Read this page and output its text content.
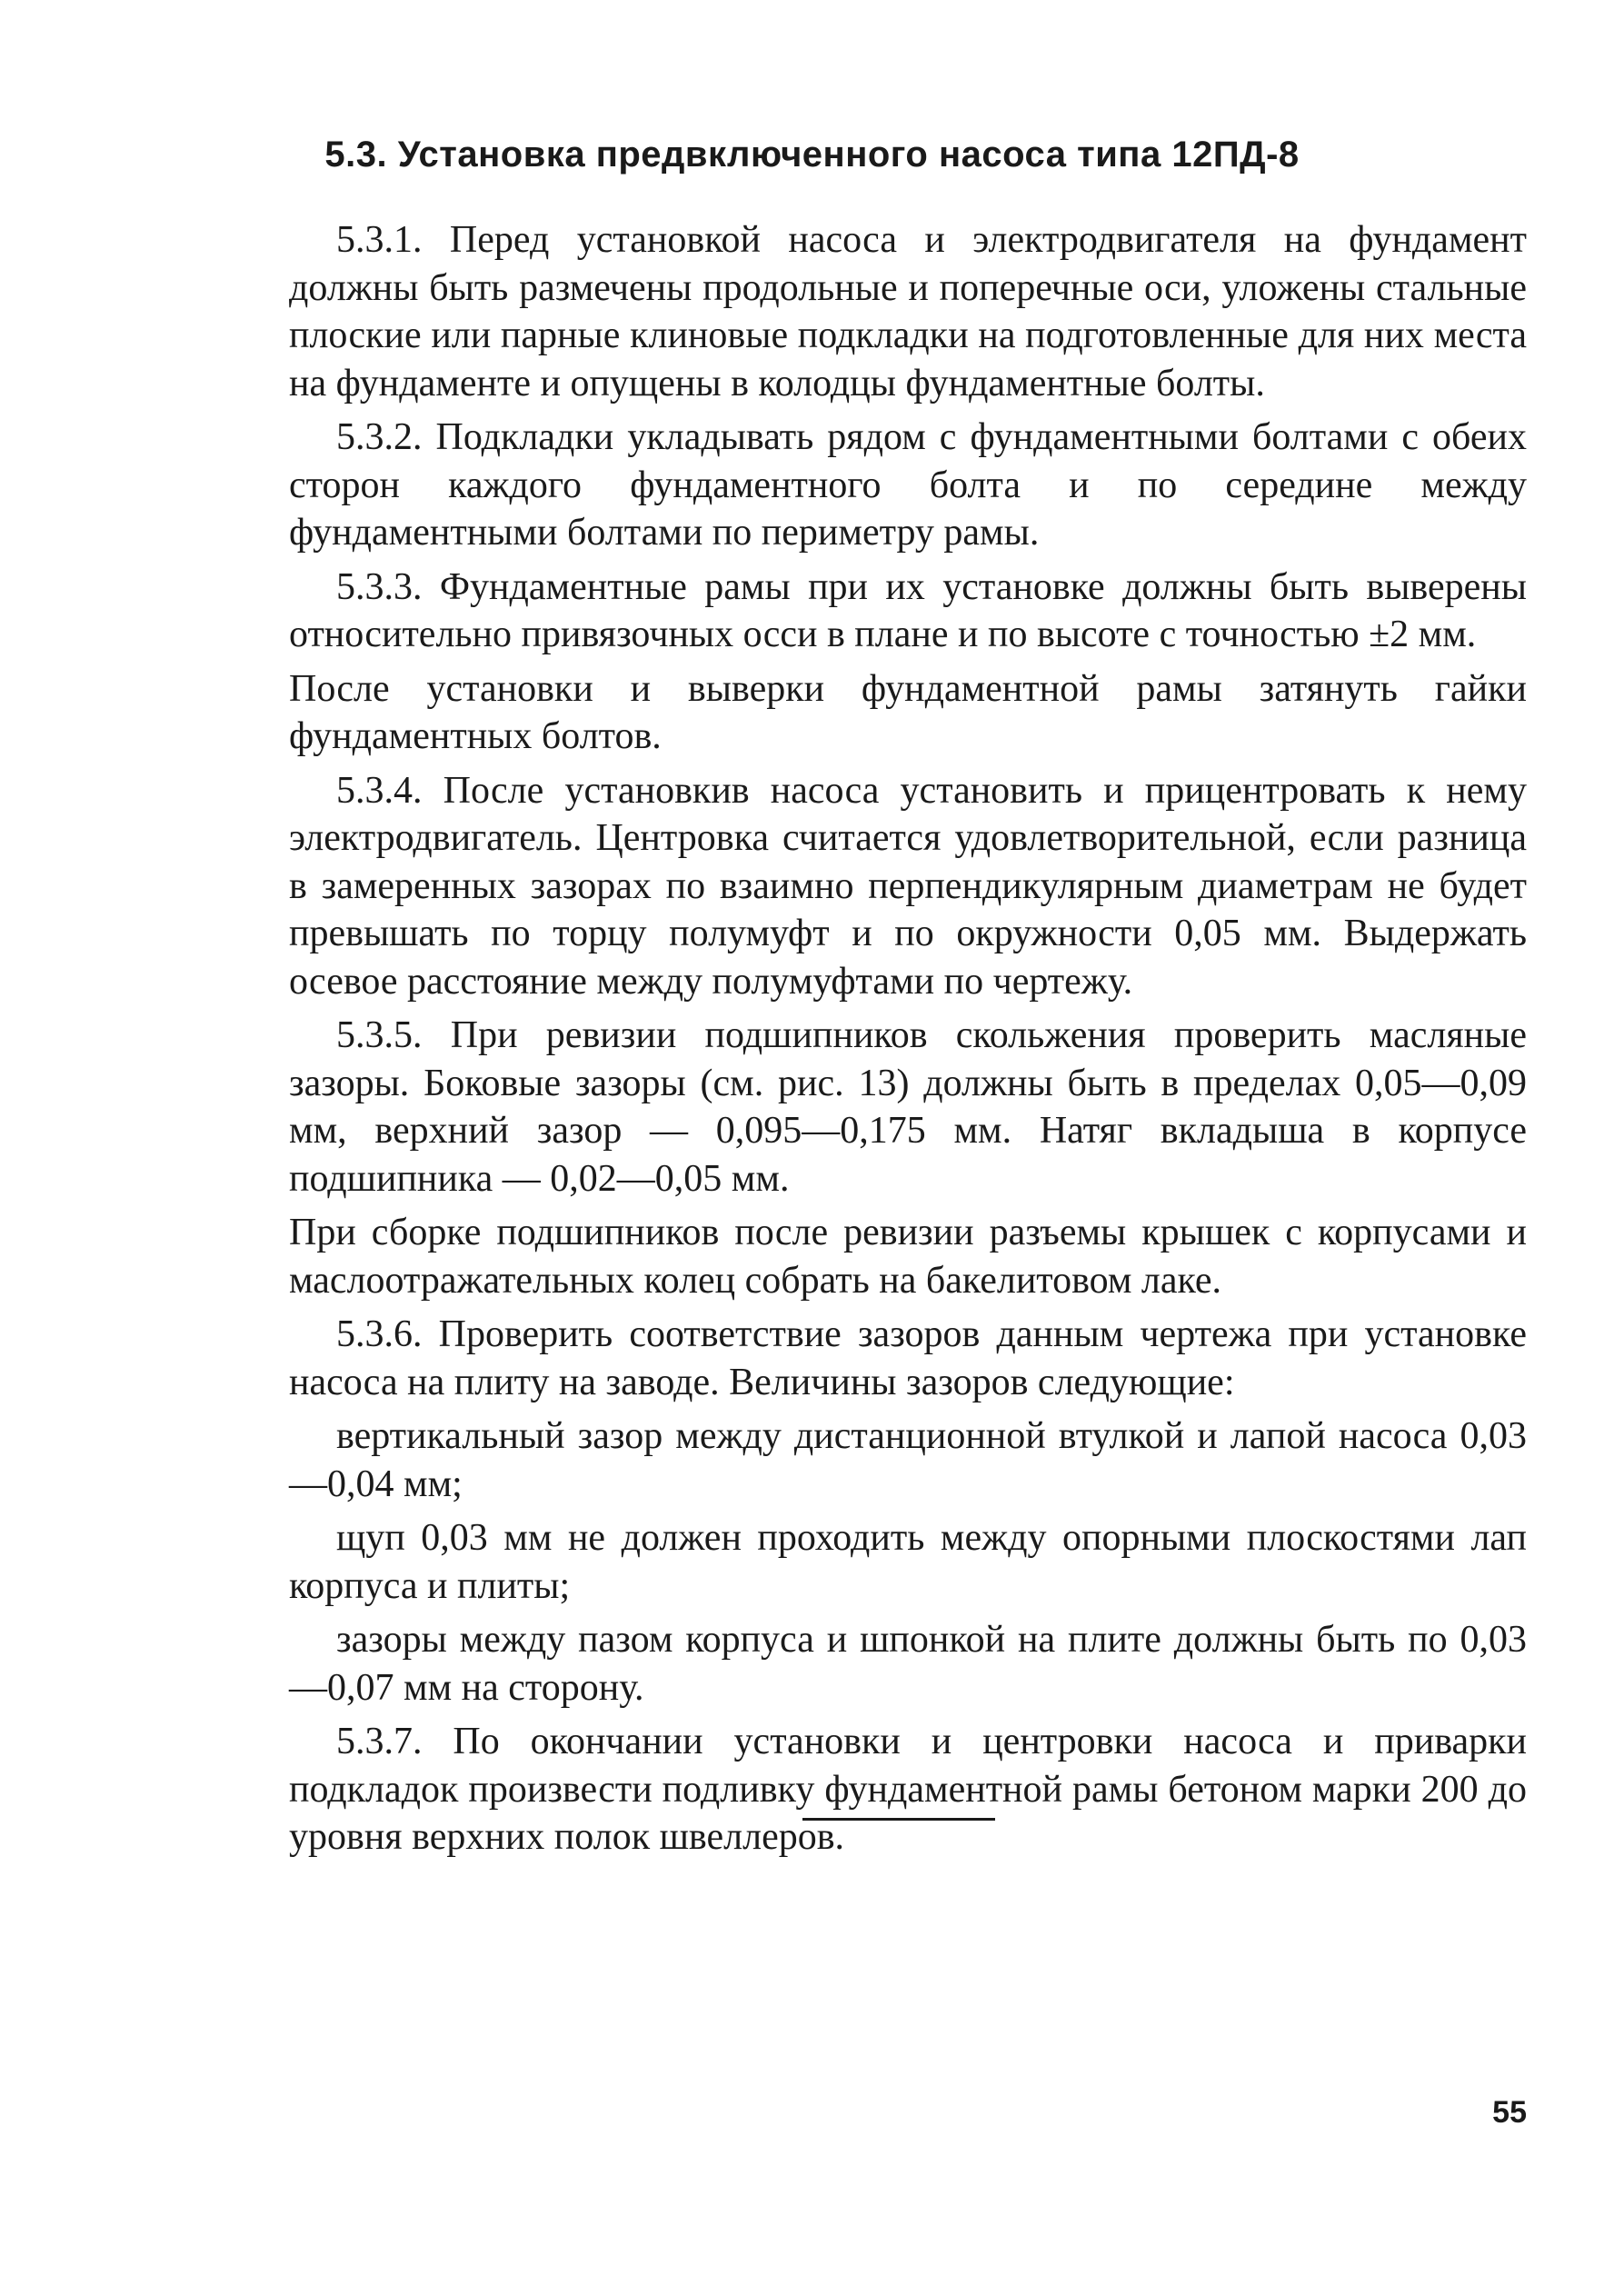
5.3. Установка предвключенного насоса типа 12ПД-8

5.3.1. Перед установкой насоса и электродвигателя на фундамент должны быть размечены продольные и поперечные оси, уложены стальные плоские или парные клиновые подкладки на подготовленные для них места на фундаменте и опущены в колодцы фундаментные болты.

5.3.2. Подкладки укладывать рядом с фундаментными болтами с обеих сторон каждого фундаментного болта и по середине между фундаментными болтами по периметру рамы.

5.3.3. Фундаментные рамы при их установке должны быть выверены относительно привязочных осси в плане и по высоте с точностью ±2 мм.

После установки и выверки фундаментной рамы затянуть гайки фундаментных болтов.

5.3.4. После установкив насоса установить и прицентровать к нему электродвигатель. Центровка считается удовлетворительной, если разница в замеренных зазорах по взаимно перпендикулярным диаметрам не будет превышать по торцу полумуфт и по окружности 0,05 мм. Выдержать осевое расстояние между полумуфтами по чертежу.

5.3.5. При ревизии подшипников скольжения проверить масляные зазоры. Боковые зазоры (см. рис. 13) должны быть в пределах 0,05—0,09 мм, верхний зазор — 0,095—0,175 мм. Натяг вкладыша в корпусе подшипника — 0,02—0,05 мм.

При сборке подшипников после ревизии разъемы крышек с корпусами и маслоотражательных колец собрать на бакелитовом лаке.

5.3.6. Проверить соответствие зазоров данным чертежа при установке насоса на плиту на заводе. Величины зазоров следующие:

вертикальный зазор между дистанционной втулкой и лапой насоса 0,03—0,04 мм;

щуп 0,03 мм не должен проходить между опорными плоскостями лап корпуса и плиты;

зазоры между пазом корпуса и шпонкой на плите должны быть по 0,03—0,07 мм на сторону.

5.3.7. По окончании установки и центровки насоса и приварки подкладок произвести подливку фундаментной рамы бетоном марки 200 до уровня верхних полок швеллеров.

55
